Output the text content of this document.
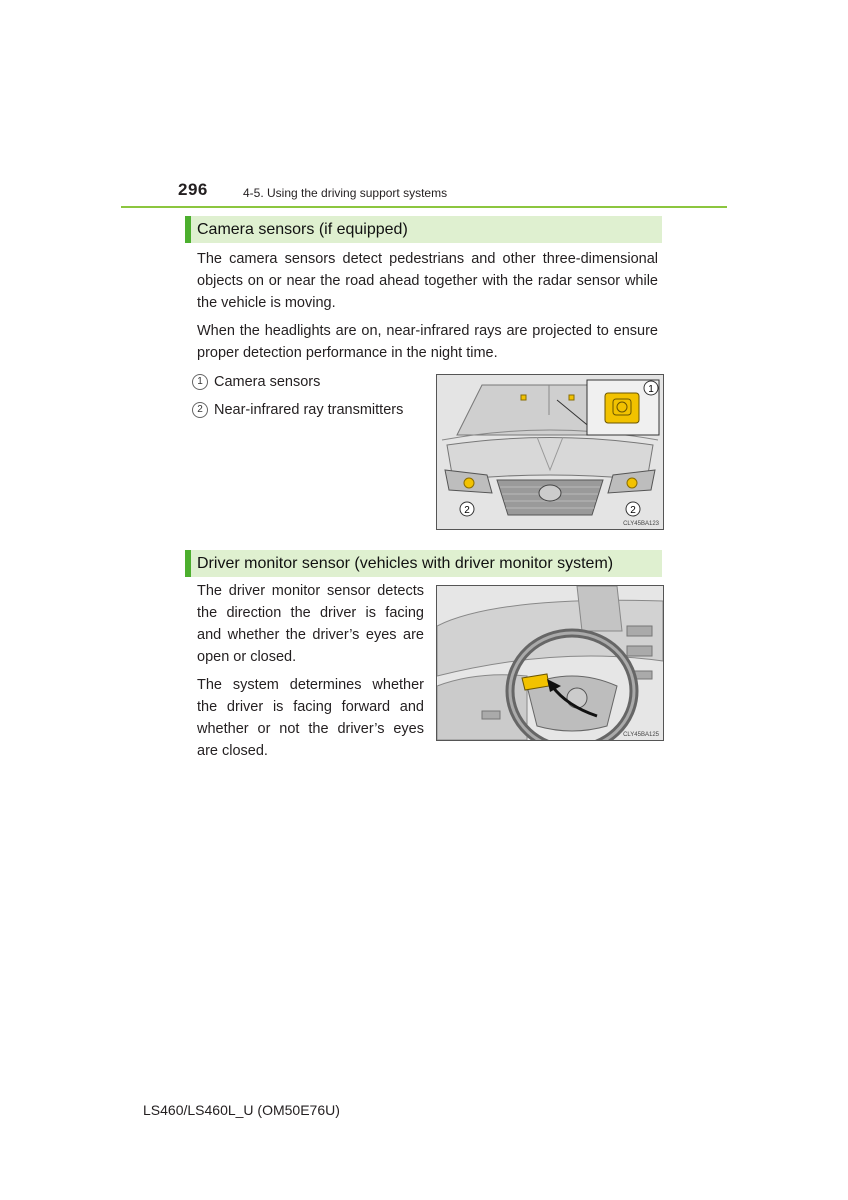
296	4-5. Using the driving support systems
Camera sensors (if equipped)

The camera sensors detect pedestrians and other three-dimensional objects on or near the road ahead together with the radar sensor while the vehicle is moving.

When the headlights are on, near-infrared rays are projected to ensure proper detection performance in the night time.

1 Camera sensors
2 Near-infrared ray transmitters
1
2	2
CLY45BA123
Driver monitor sensor (vehicles with driver monitor system)

The driver monitor sensor detects the direction the driver is facing and whether the driver’s eyes are open or closed.

The system determines whether the driver is facing forward and whether or not the driver’s eyes are closed.

CLY45BA125
LS460/LS460L_U (OM50E76U)
